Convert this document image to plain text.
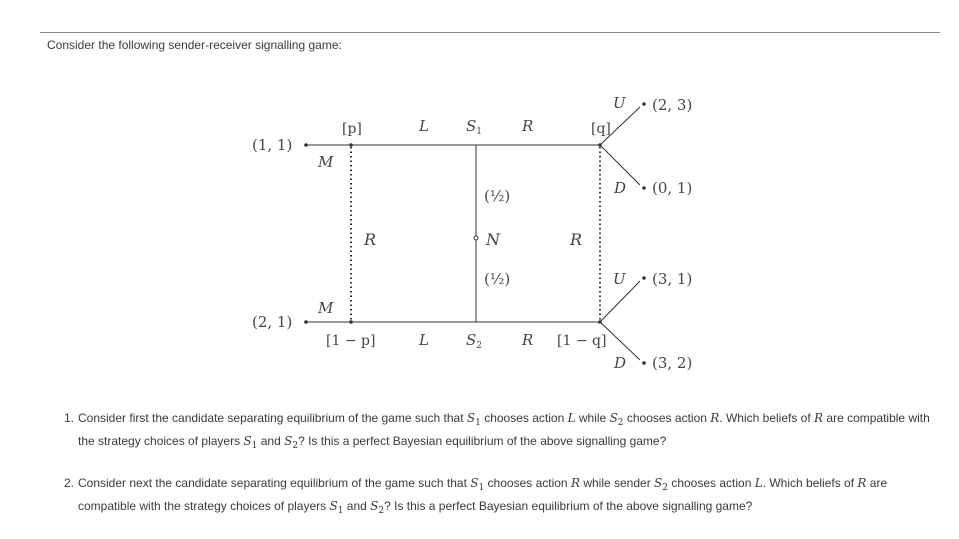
Consider the following sender-receiver signalling game:

(1, 1)
(2, 1)
(2, 3)
(0, 1)
(3, 1)
(3, 2)
[p]
[1 − p]
[q]
[1 − q]
L	R
L	R
M
M
U
D
U
D
$S_1$
$S_2$
R	R
N
(½)
(½)
1. Consider first the candidate separating equilibrium of the game such that $S_1$ chooses action L while $S_2$ chooses action R. Which beliefs of R are compatible with the strategy choices of players $S_1$ and $S_2$? Is this a perfect Bayesian equilibrium of the above signalling game?
2. Consider next the candidate separating equilibrium of the game such that $S_1$ chooses action R while sender $S_2$ chooses action L. Which beliefs of R are compatible with the strategy choices of players $S_1$ and $S_2$? Is this a perfect Bayesian equilibrium of the above signalling game?
